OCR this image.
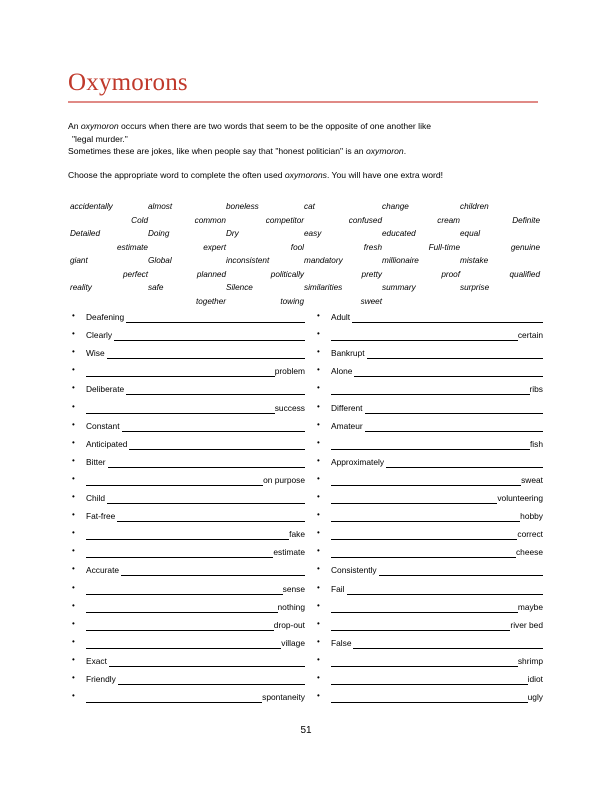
Oxymorons

An oxymoron occurs when there are two words that seem to be the opposite of one another like

"legal murder."

Sometimes these are jokes, like when people say that "honest politician" is an oxymoron.

Choose the appropriate word to complete the often used oxymorons. You will have one extra word!

accidentally
Cold
Detailed
estimate
giant
perfect
reality

almost
common
Doing
expert
Global
planned
safe
together
boneless
competitor
Dry
fool
inconsistent
politically
Silence
towing
cat
confused
easy
fresh
mandatory
pretty
similarities
sweet
change
cream
educated
Full-time
millionaire
proof
summary

children
Definite
equal
genuine
mistake
qualified
surprise

•
Deafening
•
Clearly
•
Wise
•
problem
•
Deliberate
•
success
•
Constant
•
Anticipated
•
Bitter
•
on purpose
•
Child
•
Fat-free
•
fake
•
estimate
•
Accurate
•
sense
•
nothing
•
drop-out
•
village
•
Exact
•
Friendly
•
spontaneity
•
Adult
•
certain
•
Bankrupt
•
Alone
•
ribs
•
Different
•
Amateur
•
fish
•
Approximately
•
sweat
•
volunteering
•
hobby
•
correct
•
cheese
•
Consistently
•
Fail
•
maybe
•
river bed
•
False
•
shrimp
•
idiot
•
ugly
51
